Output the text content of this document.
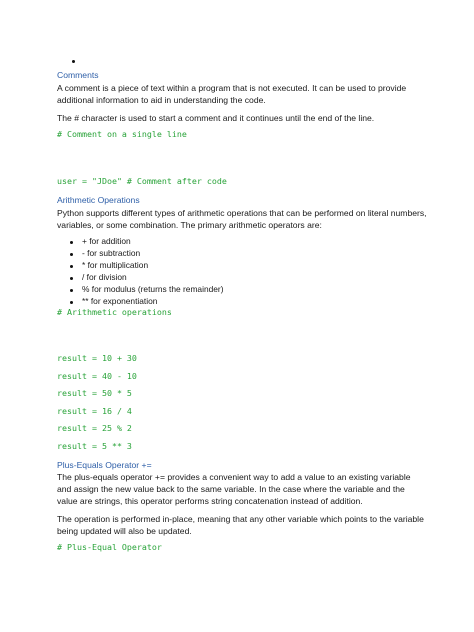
Comments
A comment is a piece of text within a program that is not executed. It can be used to provide additional information to aid in understanding the code.
The # character is used to start a comment and it continues until the end of the line.
# Comment on a single line
user = "JDoe" # Comment after code
Arithmetic Operations
Python supports different types of arithmetic operations that can be performed on literal numbers, variables, or some combination. The primary arithmetic operators are:
+ for addition
- for subtraction
* for multiplication
/ for division
% for modulus (returns the remainder)
** for exponentiation
# Arithmetic operations
result = 10 + 30
result = 40 - 10
result = 50 * 5
result = 16 / 4
result = 25 % 2
result = 5 ** 3
Plus-Equals Operator +=
The plus-equals operator += provides a convenient way to add a value to an existing variable and assign the new value back to the same variable. In the case where the variable and the value are strings, this operator performs string concatenation instead of addition.
The operation is performed in-place, meaning that any other variable which points to the variable being updated will also be updated.
# Plus-Equal Operator
